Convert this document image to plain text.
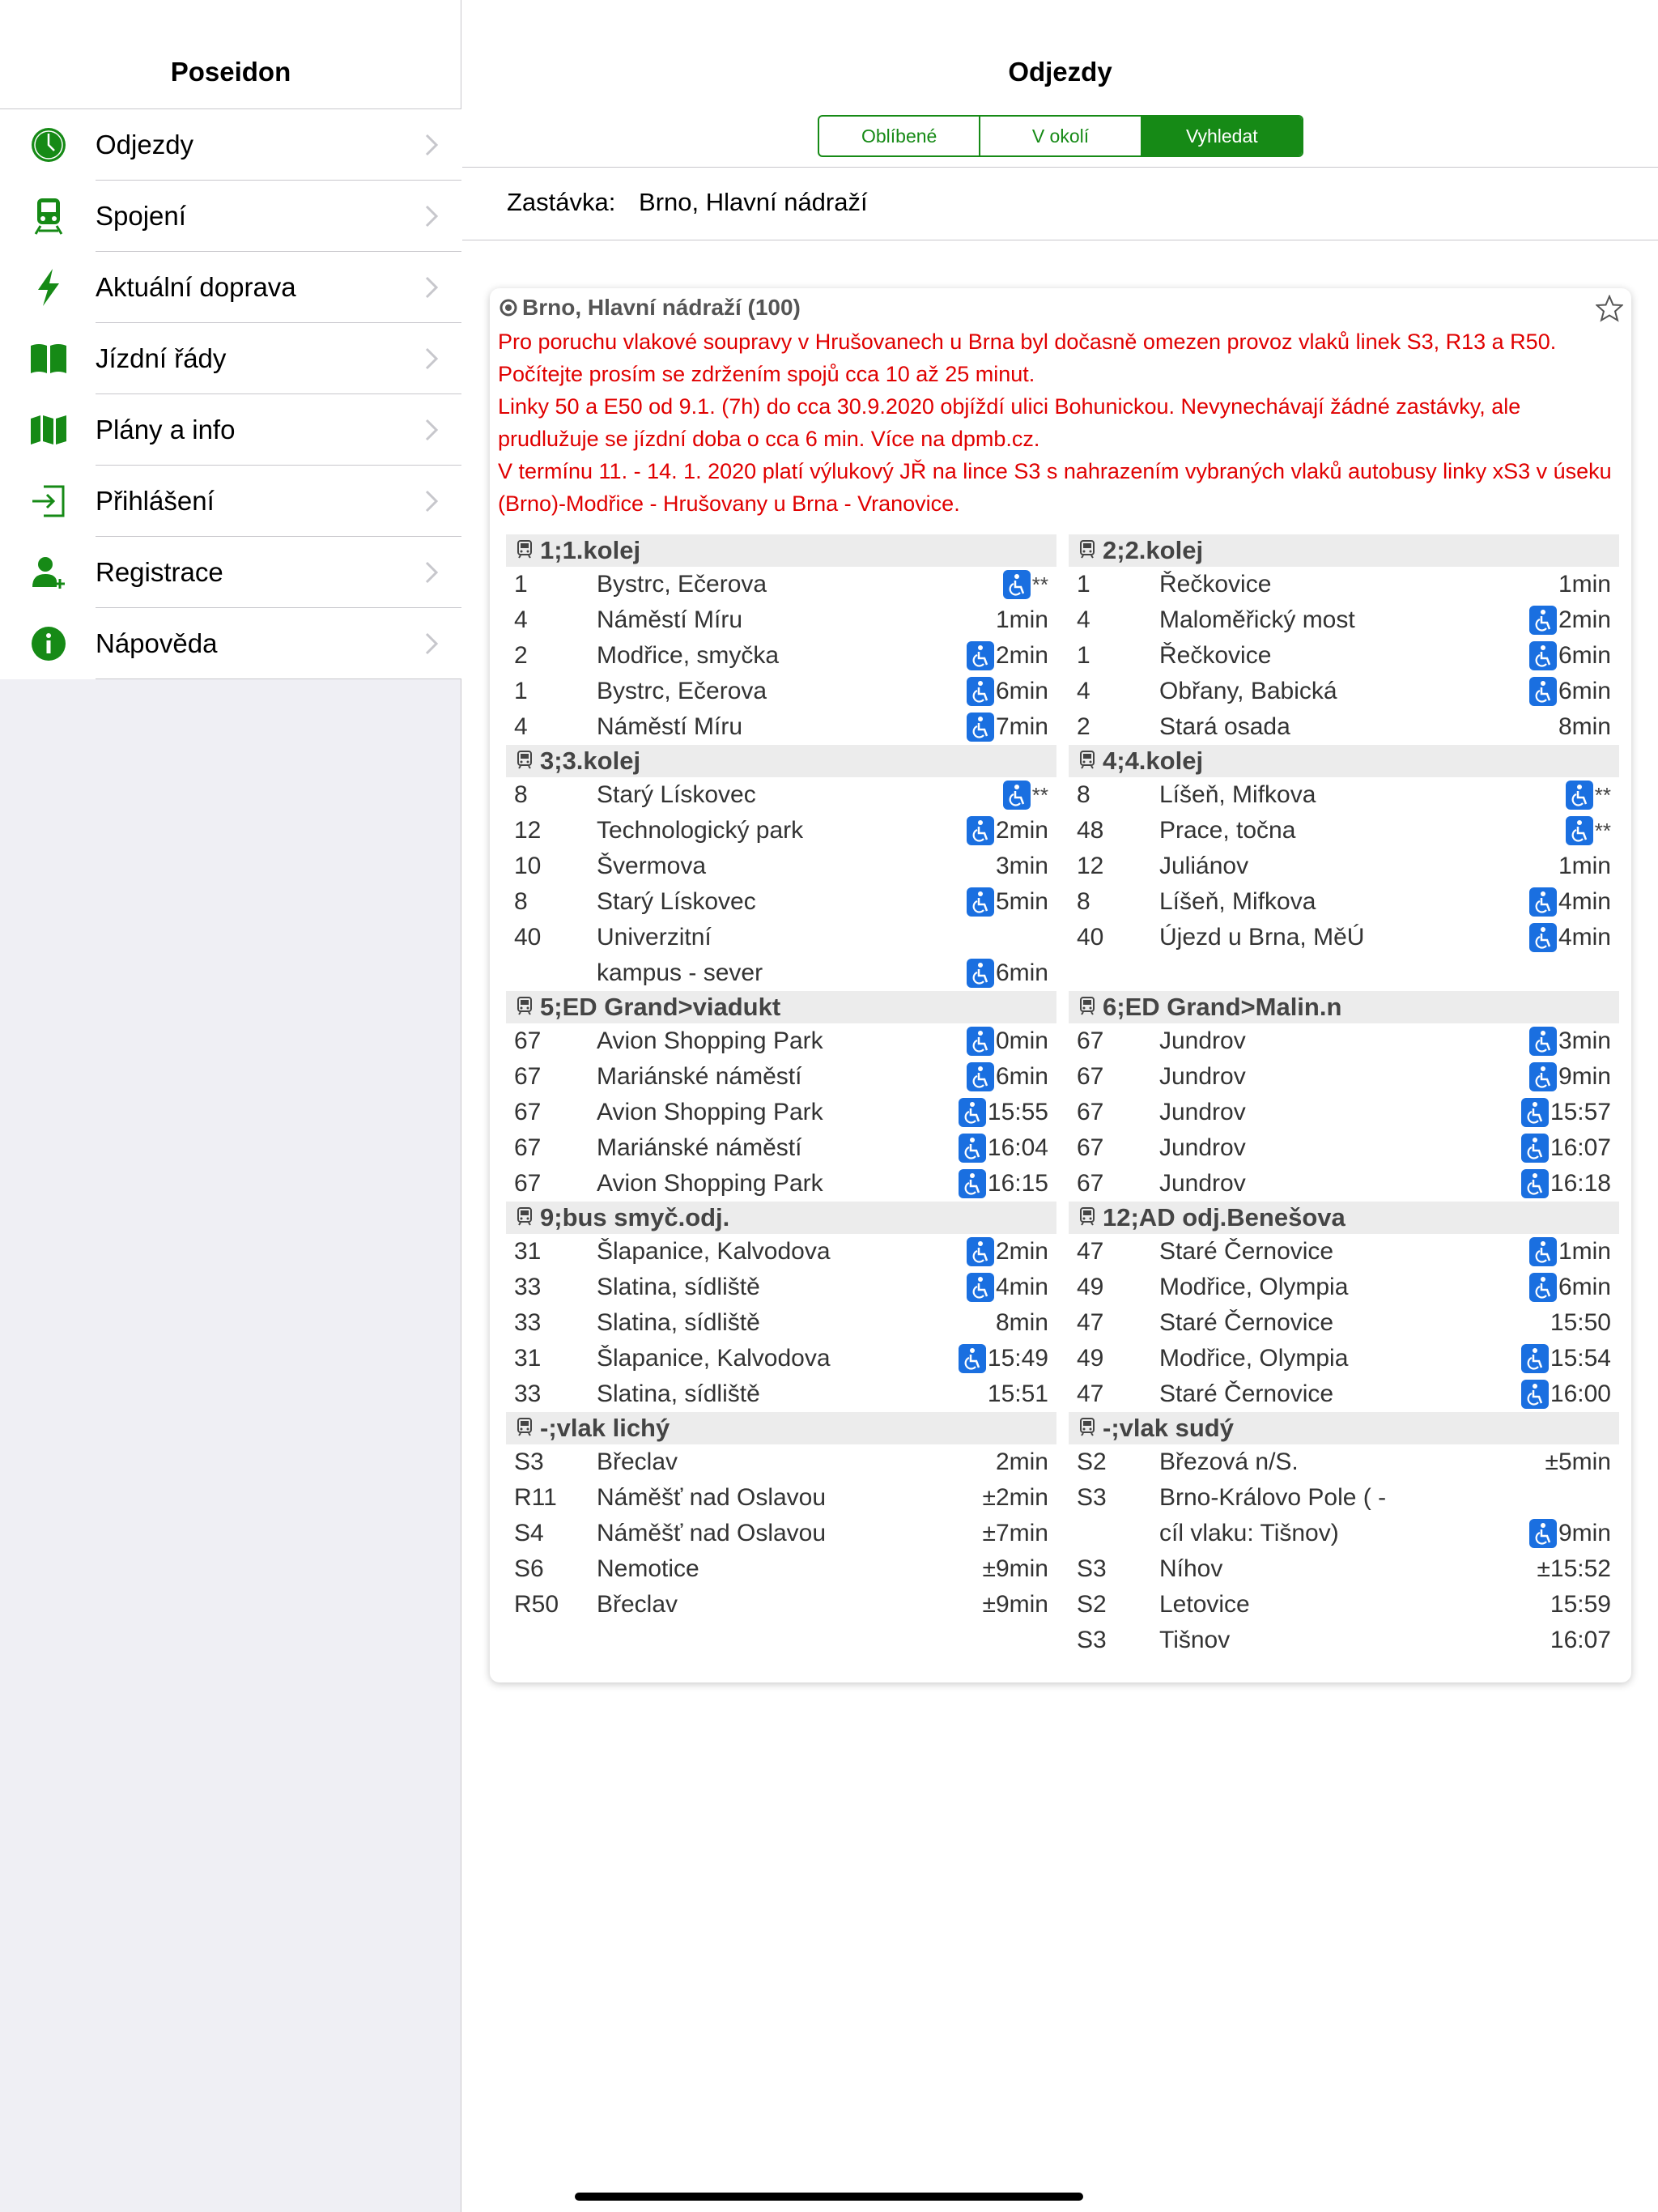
Poseidon
Odjezdy
Spojení
Aktuální doprava
Jízdní řády
Plány a info
Přihlášení
Registrace
Nápověda
Odjezdy
Oblíbené	V okolí	Vyhledat
Zastávka: Brno, Hlavní nádraží
Brno, Hlavní nádraží (100)
Pro poruchu vlakové soupravy v Hrušovanech u Brna byl dočasně omezen provoz vlaků linek S3, R13 a R50. Počítejte prosím se zdržením spojů cca 10 až 25 minut.
Linky 50 a E50 od 9.1. (7h) do cca 30.9.2020 objíždí ulici Bohunickou. Nevynechávají žádné zastávky, ale prudlužuje se jízdní doba o cca 6 min. Více na dpmb.cz.
V termínu 11. - 14. 1. 2020 platí výlukový JŘ na lince S3 s nahrazením vybraných vlaků autobusy linky xS3 v úseku (Brno)-Modřice - Hrušovany u Brna - Vranovice.
1;1.kolej
1	Bystrc, Ečerova	**
4	Náměstí Míru	1min
2	Modřice, smyčka	2min
1	Bystrc, Ečerova	6min
4	Náměstí Míru	7min
3;3.kolej
8	Starý Lískovec	**
12	Technologický park	2min
10	Švermova	3min
8	Starý Lískovec	5min
40	Univerzitní
kampus - sever	6min
5;ED Grand>viadukt
67	Avion Shopping Park	0min
67	Mariánské náměstí	6min
67	Avion Shopping Park	15:55
67	Mariánské náměstí	16:04
67	Avion Shopping Park	16:15
9;bus smyč.odj.
31	Šlapanice, Kalvodova	2min
33	Slatina, sídliště	4min
33	Slatina, sídliště	8min
31	Šlapanice, Kalvodova	15:49
33	Slatina, sídliště	15:51
-;vlak lichý
S3	Břeclav	2min
R11	Náměšť nad Oslavou	±2min
S4	Náměšť nad Oslavou	±7min
S6	Nemotice	±9min
R50	Břeclav	±9min
2;2.kolej
1	Řečkovice	1min
4	Maloměřický most	2min
1	Řečkovice	6min
4	Obřany, Babická	6min
2	Stará osada	8min
4;4.kolej
8	Líšeň, Mifkova	**
48	Prace, točna	**
12	Juliánov	1min
8	Líšeň, Mifkova	4min
40	Újezd u Brna, MěÚ	4min
6;ED Grand>Malin.n
67	Jundrov	3min
67	Jundrov	9min
67	Jundrov	15:57
67	Jundrov	16:07
67	Jundrov	16:18
12;AD odj.Benešova
47	Staré Černovice	1min
49	Modřice, Olympia	6min
47	Staré Černovice	15:50
49	Modřice, Olympia	15:54
47	Staré Černovice	16:00
-;vlak sudý
S2	Březová n/S.	±5min
S3	Brno-Královo Pole ( -
cíl vlaku: Tišnov)	9min
S3	Níhov	±15:52
S2	Letovice	15:59
S3	Tišnov	16:07
